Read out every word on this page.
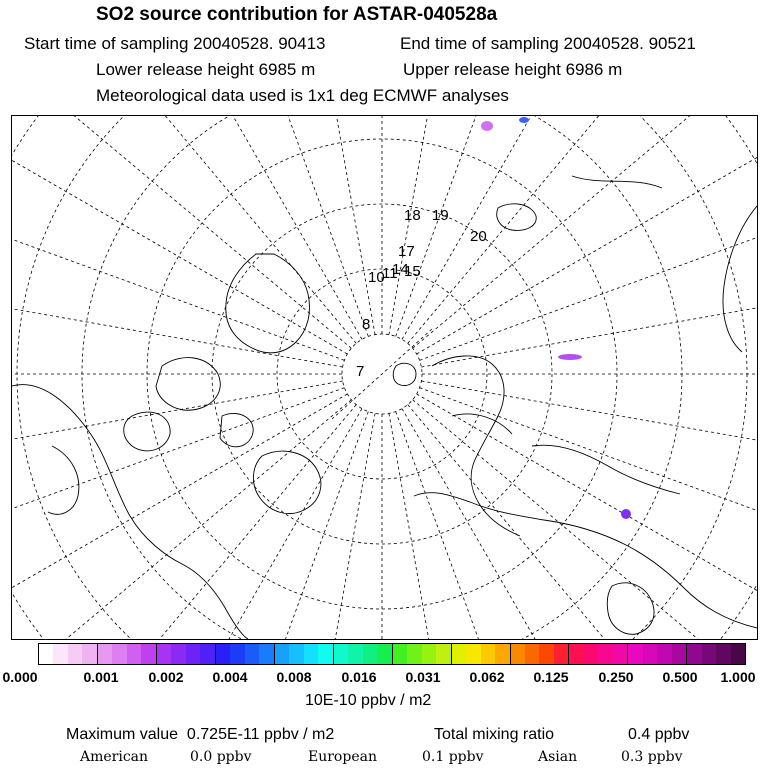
SO2 source contribution for ASTAR-040528a
Start time of sampling 20040528. 90413	End time of sampling 20040528. 90521
Lower release height 6985 m	Upper release height 6986 m
Meteorological data used is 1x1 deg ECMWF analyses
7
8
10
11
14
15
17
18 19
20
0.000	0.001 0.002 0.004 0.008 0.016 0.031 0.062 0.125 0.250 0.500 1.000
10E-10 ppbv / m2
Maximum value 0.725E-11 ppbv / m2	Total mixing ratio	0.4 ppbv
American	0.0 ppbv	European	0.1 ppbv	Asian	0.3 ppbv
